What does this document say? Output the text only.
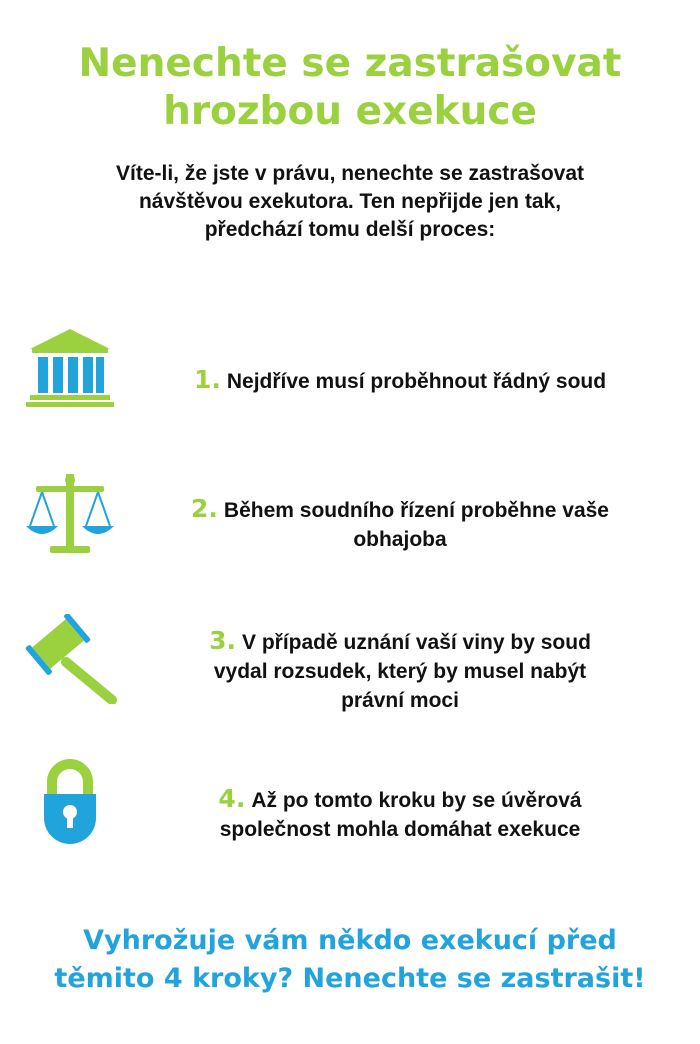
Nenechte se zastrašovat
hrozbou exekuce

Víte-li, že jste v právu, nenechte se zastrašovat
návštěvou exekutora. Ten nepřijde jen tak,
předchází tomu delší proces:

1. Nejdříve musí proběhnout řádný soud
2. Během soudního řízení proběhne vaše
obhajoba
3. V případě uznání vaší viny by soud
vydal rozsudek, který by musel nabýt
právní moci
4. Až po tomto kroku by se úvěrová
společnost mohla domáhat exekuce

Vyhrožuje vám někdo exekucí před
těmito 4 kroky? Nenechte se zastrašit!
